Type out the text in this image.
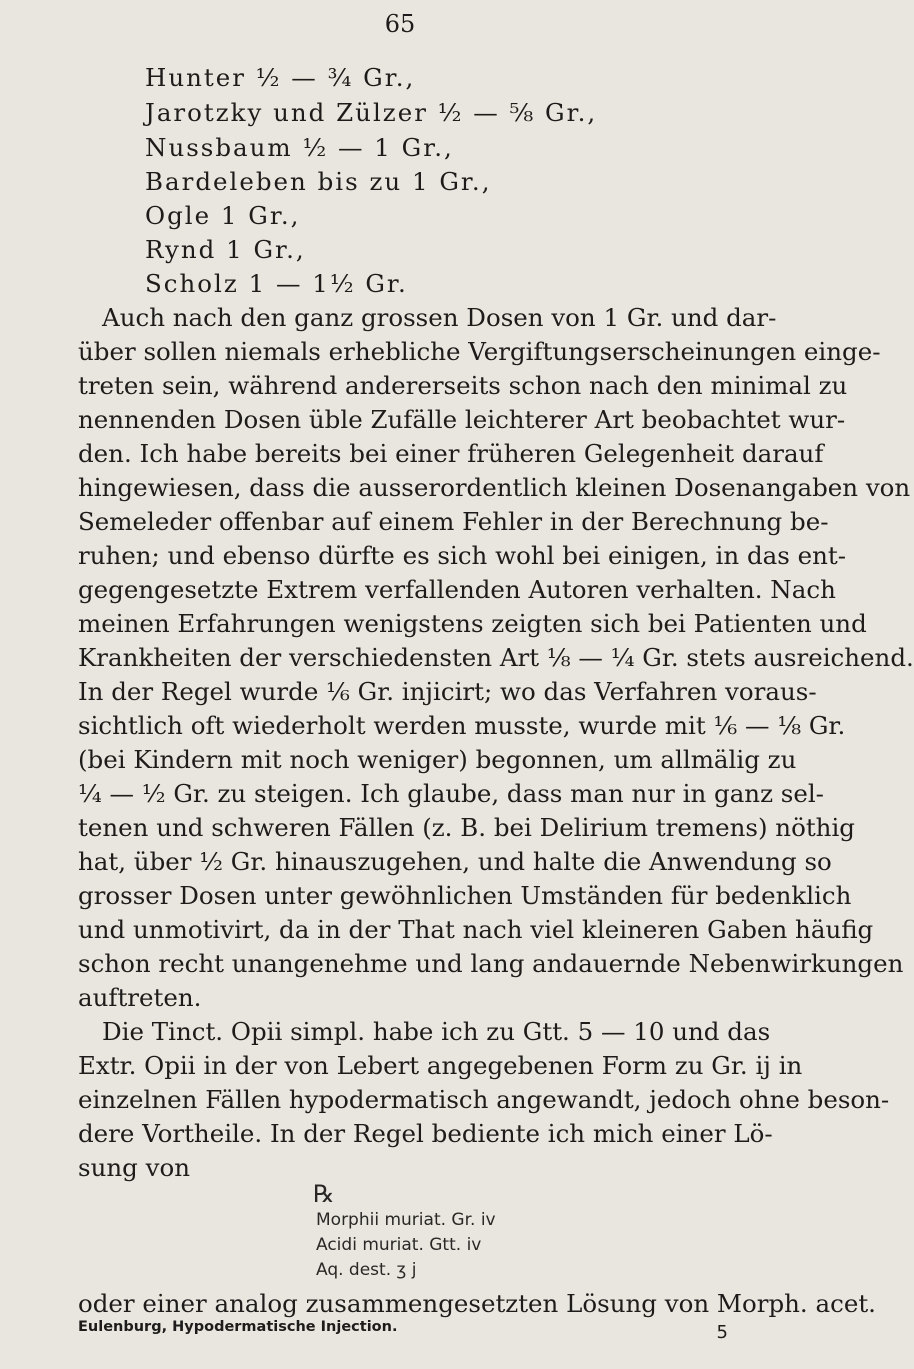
65
Hunter ½ — ¾ Gr.,
Jarotzky und Zülzer ½ — ⅝ Gr.,
Nussbaum ½ — 1 Gr.,
Bardeleben bis zu 1 Gr.,
Ogle 1 Gr.,
Rynd 1 Gr.,
Scholz 1 — 1½ Gr.
Auch nach den ganz grossen Dosen von 1 Gr. und dar-
über sollen niemals erhebliche Vergiftungserscheinungen einge-
treten sein, während andererseits schon nach den minimal zu
nennenden Dosen üble Zufälle leichterer Art beobachtet wur-
den. Ich habe bereits bei einer früheren Gelegenheit darauf
hingewiesen, dass die ausserordentlich kleinen Dosenangaben von
Semeleder offenbar auf einem Fehler in der Berechnung be-
ruhen; und ebenso dürfte es sich wohl bei einigen, in das ent-
gegengesetzte Extrem verfallenden Autoren verhalten. Nach
meinen Erfahrungen wenigstens zeigten sich bei Patienten und
Krankheiten der verschiedensten Art ⅛ — ¼ Gr. stets ausreichend.
In der Regel wurde ⅙ Gr. injicirt; wo das Verfahren voraus-
sichtlich oft wiederholt werden musste, wurde mit ⅙ — ⅛ Gr.
(bei Kindern mit noch weniger) begonnen, um allmälig zu
¼ — ½ Gr. zu steigen. Ich glaube, dass man nur in ganz sel-
tenen und schweren Fällen (z. B. bei Delirium tremens) nöthig
hat, über ½ Gr. hinauszugehen, und halte die Anwendung so
grosser Dosen unter gewöhnlichen Umständen für bedenklich
und unmotivirt, da in der That nach viel kleineren Gaben häufig
schon recht unangenehme und lang andauernde Nebenwirkungen
auftreten.
Die Tinct. Opii simpl. habe ich zu Gtt. 5 — 10 und das
Extr. Opii in der von Lebert angegebenen Form zu Gr. ij in
einzelnen Fällen hypodermatisch angewandt, jedoch ohne beson-
dere Vortheile. In der Regel bediente ich mich einer Lö-
sung von
℞
Morphii muriat. Gr. iv
Acidi muriat. Gtt. iv
Aq. dest. ʒ j
oder einer analog zusammengesetzten Lösung von Morph. acet.
Eulenburg, Hypodermatische Injection.	5
